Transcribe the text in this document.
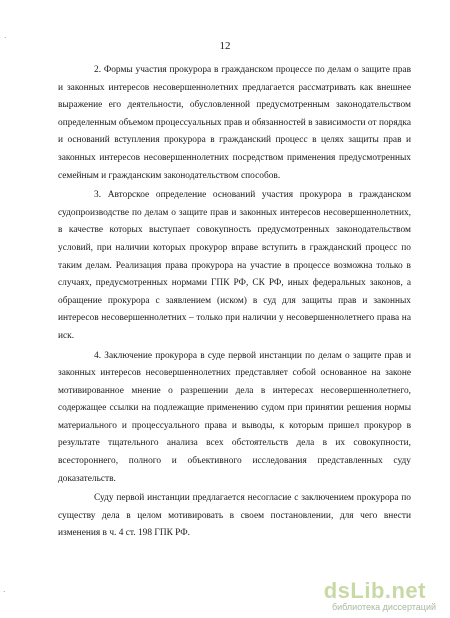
12

2. Формы участия прокурора в гражданском процессе по делам о защите прав и законных интересов несовершеннолетних предлагается рассматривать как внешнее выражение его деятельности, обусловленной предусмотренным законодательством определенным объемом процессуальных прав и обязанностей в зависимости от порядка и оснований вступления прокурора в гражданский процесс в целях защиты прав и законных интересов несовершеннолетних посредством применения предусмотренных семейным и гражданским законодательством способов.

3. Авторское определение оснований участия прокурора в гражданском судопроизводстве по делам о защите прав и законных интересов несовершеннолетних, в качестве которых выступает совокупность предусмотренных законодательством условий, при наличии которых прокурор вправе вступить в гражданский процесс по таким делам. Реализация права прокурора на участие в процессе возможна только в случаях, предусмотренных нормами ГПК РФ, СК РФ, иных федеральных законов, а обращение прокурора с заявлением (иском) в суд для защиты прав и законных интересов несовершеннолетних – только при наличии у несовершеннолетнего права на иск.

4. Заключение прокурора в суде первой инстанции по делам о защите прав и законных интересов несовершеннолетних представляет собой основанное на законе мотивированное мнение о разрешении дела в интересах несовершеннолетнего, содержащее ссылки на подлежащие применению судом при принятии решения нормы материального и процессуального права и выводы, к которым пришел прокурор в результате тщательного анализа всех обстоятельств дела в их совокупности, всестороннего, полного и объективного исследования представленных суду доказательств.

Суду первой инстанции предлагается несогласие с заключением прокурора по существу дела в целом мотивировать в своем постановлении, для чего внести изменения в ч. 4 ст. 198 ГПК РФ.

·
·	dsLib.net
библиотека диссертаций
